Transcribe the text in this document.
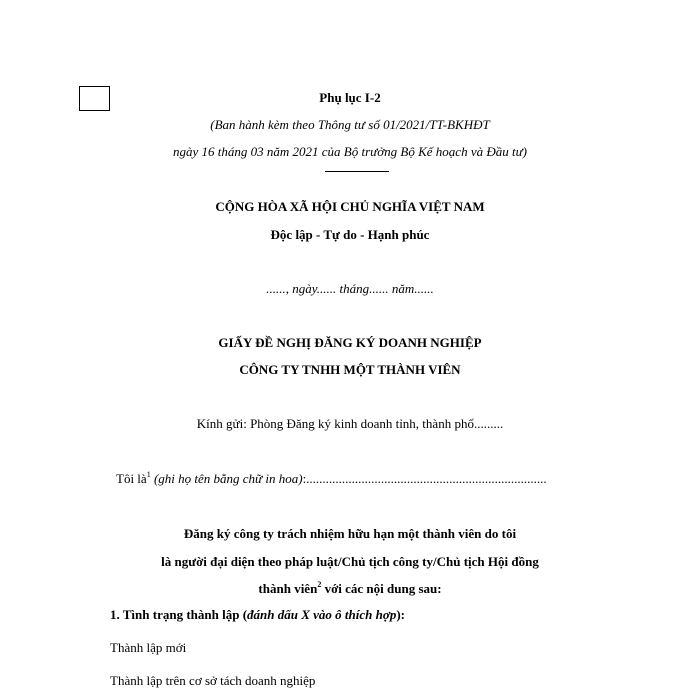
Phụ lục I-2
(Ban hành kèm theo Thông tư số 01/2021/TT-BKHĐT
ngày 16 tháng 03 năm 2021 của Bộ trưởng Bộ Kế hoạch và Đầu tư)
CỘNG HÒA XÃ HỘI CHỦ NGHĨA VIỆT NAM
Độc lập - Tự do - Hạnh phúc
......, ngày...... tháng...... năm......
GIẤY ĐỀ NGHỊ ĐĂNG KÝ DOANH NGHIỆP
CÔNG TY TNHH MỘT THÀNH VIÊN
Kính gửi: Phòng Đăng ký kinh doanh tỉnh, thành phố.........
Tôi $là^1$ (ghi họ tên bằng chữ in hoa):..........................................................................
Đăng ký công ty trách nhiệm hữu hạn một thành viên do tôi
là người đại diện theo pháp luật/Chủ tịch công ty/Chủ tịch Hội đồng
thành viên$^2$ với các nội dung sau:
1. Tình trạng thành lập (đánh dấu X vào ô thích hợp):
Thành lập mới
Thành lập trên cơ sở tách doanh nghiệp
